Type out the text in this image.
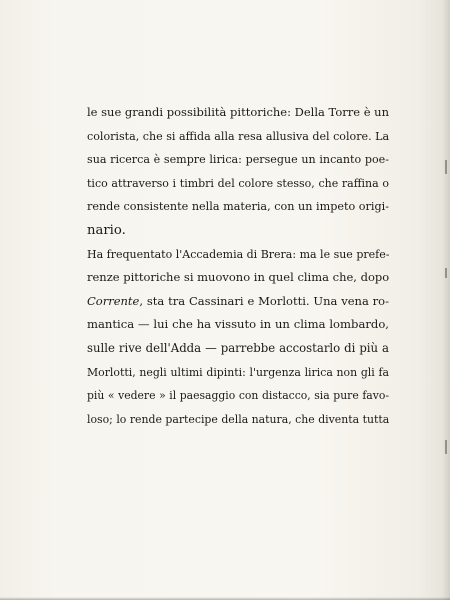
le sue grandi possibilità pittoriche: Della Torre è un
colorista, che si affida alla resa allusiva del colore. La
sua ricerca è sempre lirica: persegue un incanto poe-
tico attraverso i timbri del colore stesso, che raffina o
rende consistente nella materia, con un impeto origi-
nario.
Ha frequentato l'Accademia di Brera: ma le sue prefe-
renze pittoriche si muovono in quel clima che, dopo
Corrente, sta tra Cassinari e Morlotti. Una vena ro-
mantica — lui che ha vissuto in un clima lombardo,
sulle rive dell'Adda — parrebbe accostarlo di più a
Morlotti, negli ultimi dipinti: l'urgenza lirica non gli fa
più « vedere » il paesaggio con distacco, sia pure favo-
loso; lo rende partecipe della natura, che diventa tutta
